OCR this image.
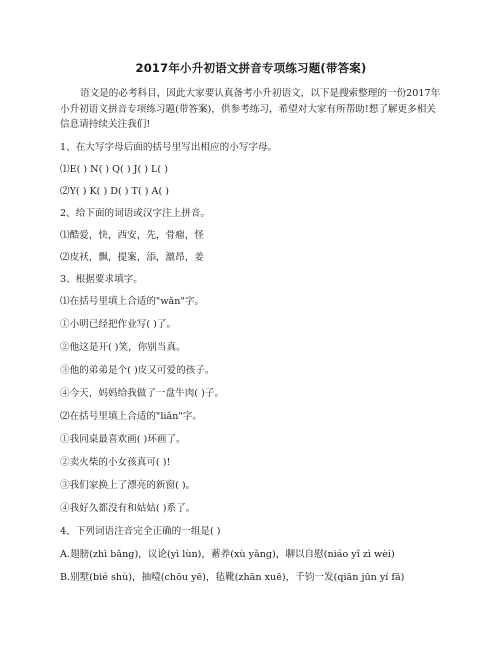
2017年小升初语文拼音专项练习题(带答案)

语文是的必考科目，因此大家要认真备考小升初语文，以下是搜索整理的一份2017年小升初语文拼音专项练习题(带答案)，供参考练习，希望对大家有所帮助!想了解更多相关信息请持续关注我们!

1、在大写字母后面的括号里写出相应的小写字母。
⑴E( ) N( ) Q( ) J( ) L( )
⑵Y( ) K( ) D( ) T( ) A( )
2、给下面的词语或汉字注上拼音。
⑴酷爱，快，西安，先，骨瘤，怪
⑵皮袄，飘，提案，添，激昂，姜
3、根据要求填字。
⑴在括号里填上合适的"wǎn"字。
①小明已经把作业写( )了。
②他这是开( )笑，你别当真。
③他的弟弟是个( )皮又可爱的孩子。
④今天，妈妈给我做了一盘牛肉( )子。
⑵在括号里填上合适的"liǎn"字。
①我同桌最喜欢画( )环画了。
②卖火柴的小女孩真可( )!
③我们家换上了漂亮的新窗( )。
④我好久都没有和姑姑( )系了。
4、下列词语注音完全正确的一组是( )
A.翅膀(zhì bǎng)，议论(yì lùn)，蓄养(xù yǎng)，聊以自慰(niáo yǐ zì wèi)
B.别墅(bié shù)，抽噎(chōu yē)，毡靴(zhān xuē)，千钧一发(qiān jūn yí fā)
